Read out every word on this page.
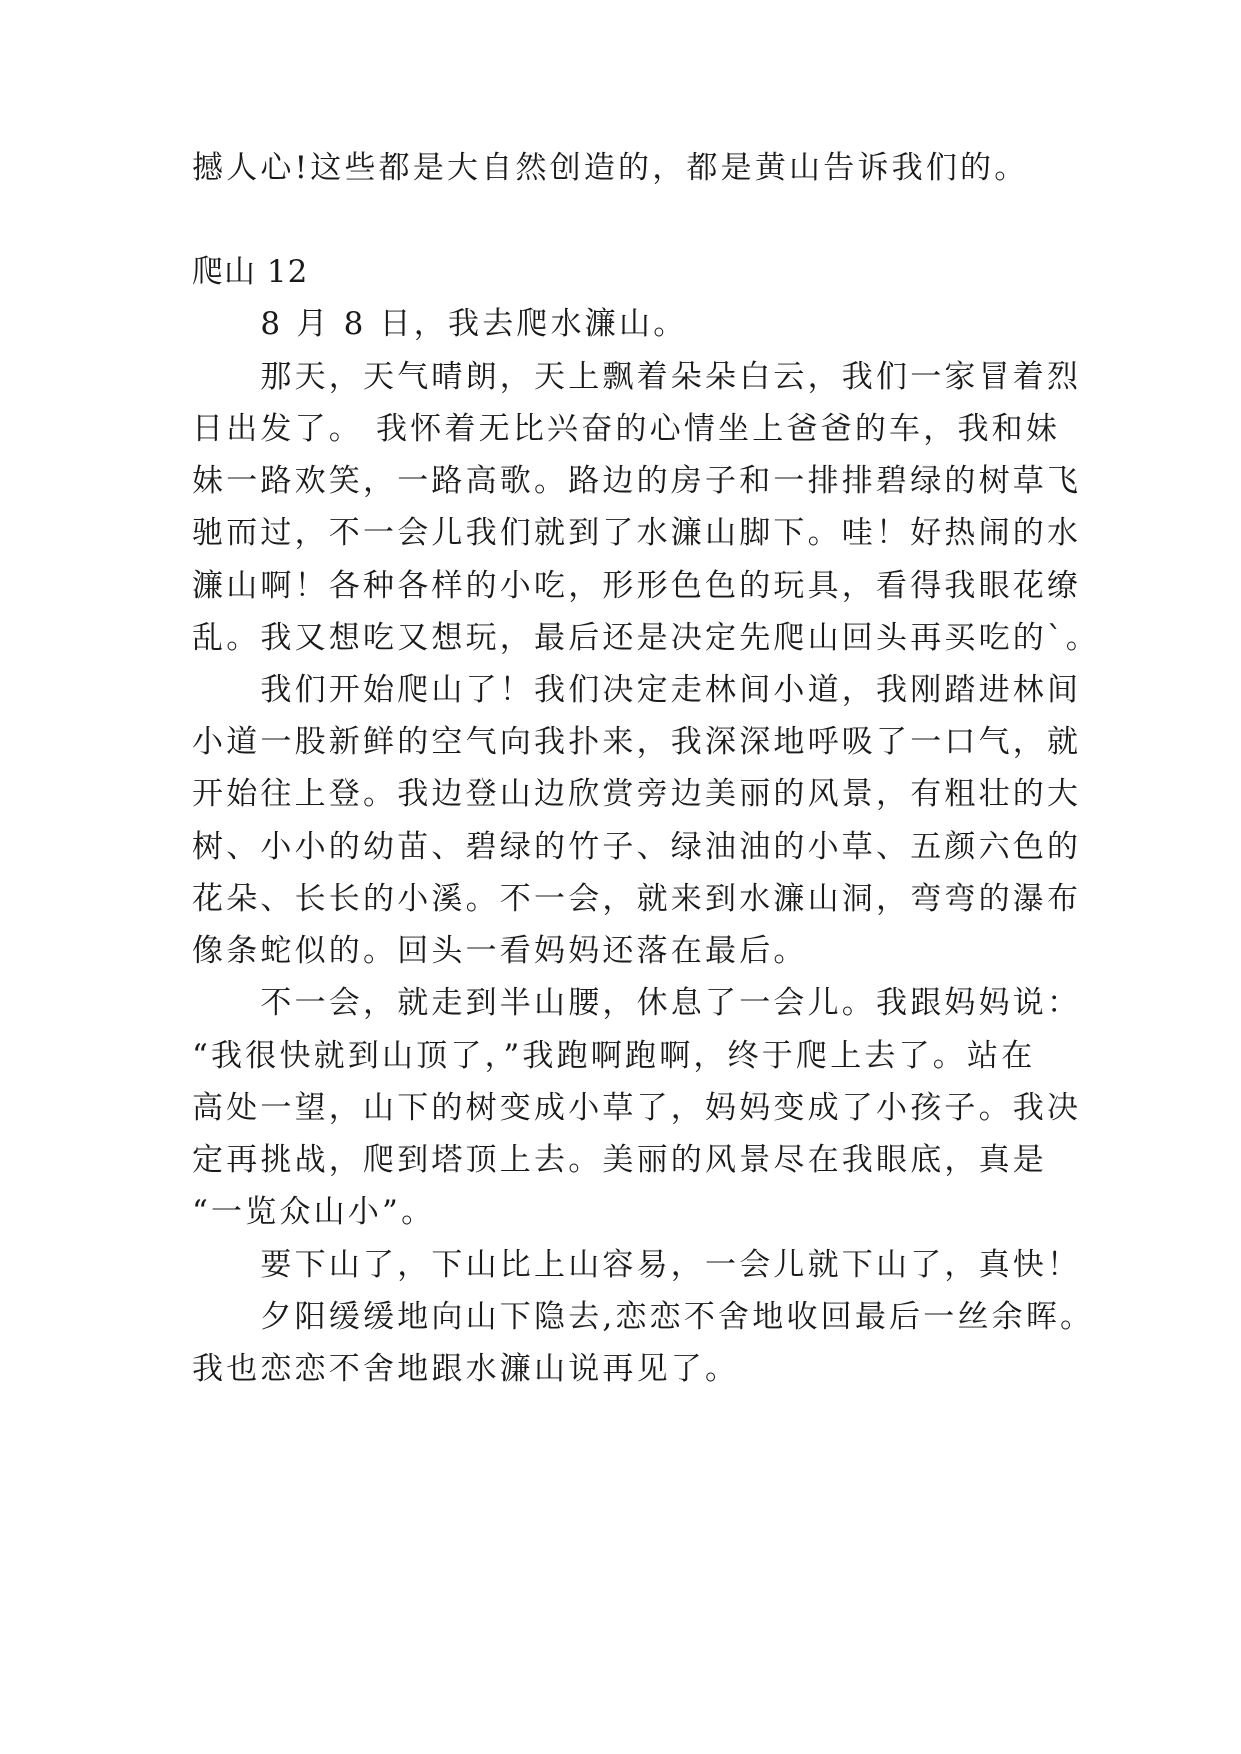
撼人心!这些都是大自然创造的，都是黄山告诉我们的。
爬山 12
　　8 月 8 日，我去爬水濂山。
　　那天，天气晴朗，天上飘着朵朵白云，我们一家冒着烈
日出发了。 我怀着无比兴奋的心情坐上爸爸的车，我和妹
妹一路欢笑，一路高歌。路边的房子和一排排碧绿的树草飞
驰而过，不一会儿我们就到了水濂山脚下。哇！好热闹的水
濂山啊！各种各样的小吃，形形色色的玩具，看得我眼花缭
乱。我又想吃又想玩，最后还是决定先爬山回头再买吃的`。
　　我们开始爬山了！我们决定走林间小道，我刚踏进林间
小道一股新鲜的空气向我扑来，我深深地呼吸了一口气，就
开始往上登。我边登山边欣赏旁边美丽的风景，有粗壮的大
树、小小的幼苗、碧绿的竹子、绿油油的小草、五颜六色的
花朵、长长的小溪。不一会，就来到水濂山洞，弯弯的瀑布
像条蛇似的。回头一看妈妈还落在最后。
　　不一会，就走到半山腰，休息了一会儿。我跟妈妈说：
“我很快就到山顶了，”我跑啊跑啊，终于爬上去了。站在
高处一望，山下的树变成小草了，妈妈变成了小孩子。我决
定再挑战，爬到塔顶上去。美丽的风景尽在我眼底，真是
“一览众山小”。
　　要下山了，下山比上山容易，一会儿就下山了，真快！
　　夕阳缓缓地向山下隐去,恋恋不舍地收回最后一丝余晖。
我也恋恋不舍地跟水濂山说再见了。
